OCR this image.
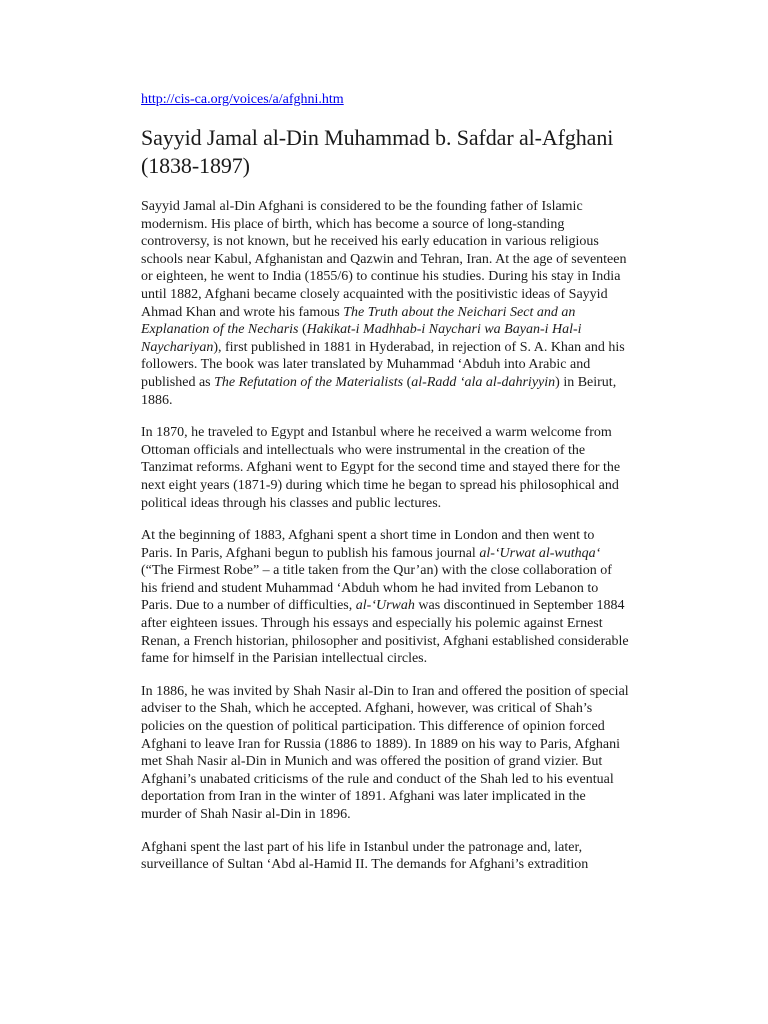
http://cis-ca.org/voices/a/afghni.htm
Sayyid Jamal al-Din Muhammad b. Safdar al-Afghani (1838-1897)

Sayyid Jamal al-Din Afghani is considered to be the founding father of Islamic modernism. His place of birth, which has become a source of long-standing controversy, is not known, but he received his early education in various religious schools near Kabul, Afghanistan and Qazwin and Tehran, Iran. At the age of seventeen or eighteen, he went to India (1855/6) to continue his studies. During his stay in India until 1882, Afghani became closely acquainted with the positivistic ideas of Sayyid Ahmad Khan and wrote his famous The Truth about the Neichari Sect and an Explanation of the Necharis (Hakikat-i Madhhab-i Naychari wa Bayan-i Hal-i Naychariyan), first published in 1881 in Hyderabad, in rejection of S. A. Khan and his followers. The book was later translated by Muhammad ‘Abduh into Arabic and published as The Refutation of the Materialists (al-Radd ‘ala al-dahriyyin) in Beirut, 1886.

In 1870, he traveled to Egypt and Istanbul where he received a warm welcome from Ottoman officials and intellectuals who were instrumental in the creation of the Tanzimat reforms. Afghani went to Egypt for the second time and stayed there for the next eight years (1871-9) during which time he began to spread his philosophical and political ideas through his classes and public lectures.

At the beginning of 1883, Afghani spent a short time in London and then went to Paris. In Paris, Afghani begun to publish his famous journal al-‘Urwat al-wuthqa‘ (“The Firmest Robe” – a title taken from the Qur’an) with the close collaboration of his friend and student Muhammad ‘Abduh whom he had invited from Lebanon to Paris. Due to a number of difficulties, al-‘Urwah was discontinued in September 1884 after eighteen issues. Through his essays and especially his polemic against Ernest Renan, a French historian, philosopher and positivist, Afghani established considerable fame for himself in the Parisian intellectual circles.

In 1886, he was invited by Shah Nasir al-Din to Iran and offered the position of special adviser to the Shah, which he accepted. Afghani, however, was critical of Shah’s policies on the question of political participation. This difference of opinion forced Afghani to leave Iran for Russia (1886 to 1889). In 1889 on his way to Paris, Afghani met Shah Nasir al-Din in Munich and was offered the position of grand vizier. But Afghani’s unabated criticisms of the rule and conduct of the Shah led to his eventual deportation from Iran in the winter of 1891. Afghani was later implicated in the murder of Shah Nasir al-Din in 1896.

Afghani spent the last part of his life in Istanbul under the patronage and, later, surveillance of Sultan ‘Abd al-Hamid II. The demands for Afghani’s extradition
